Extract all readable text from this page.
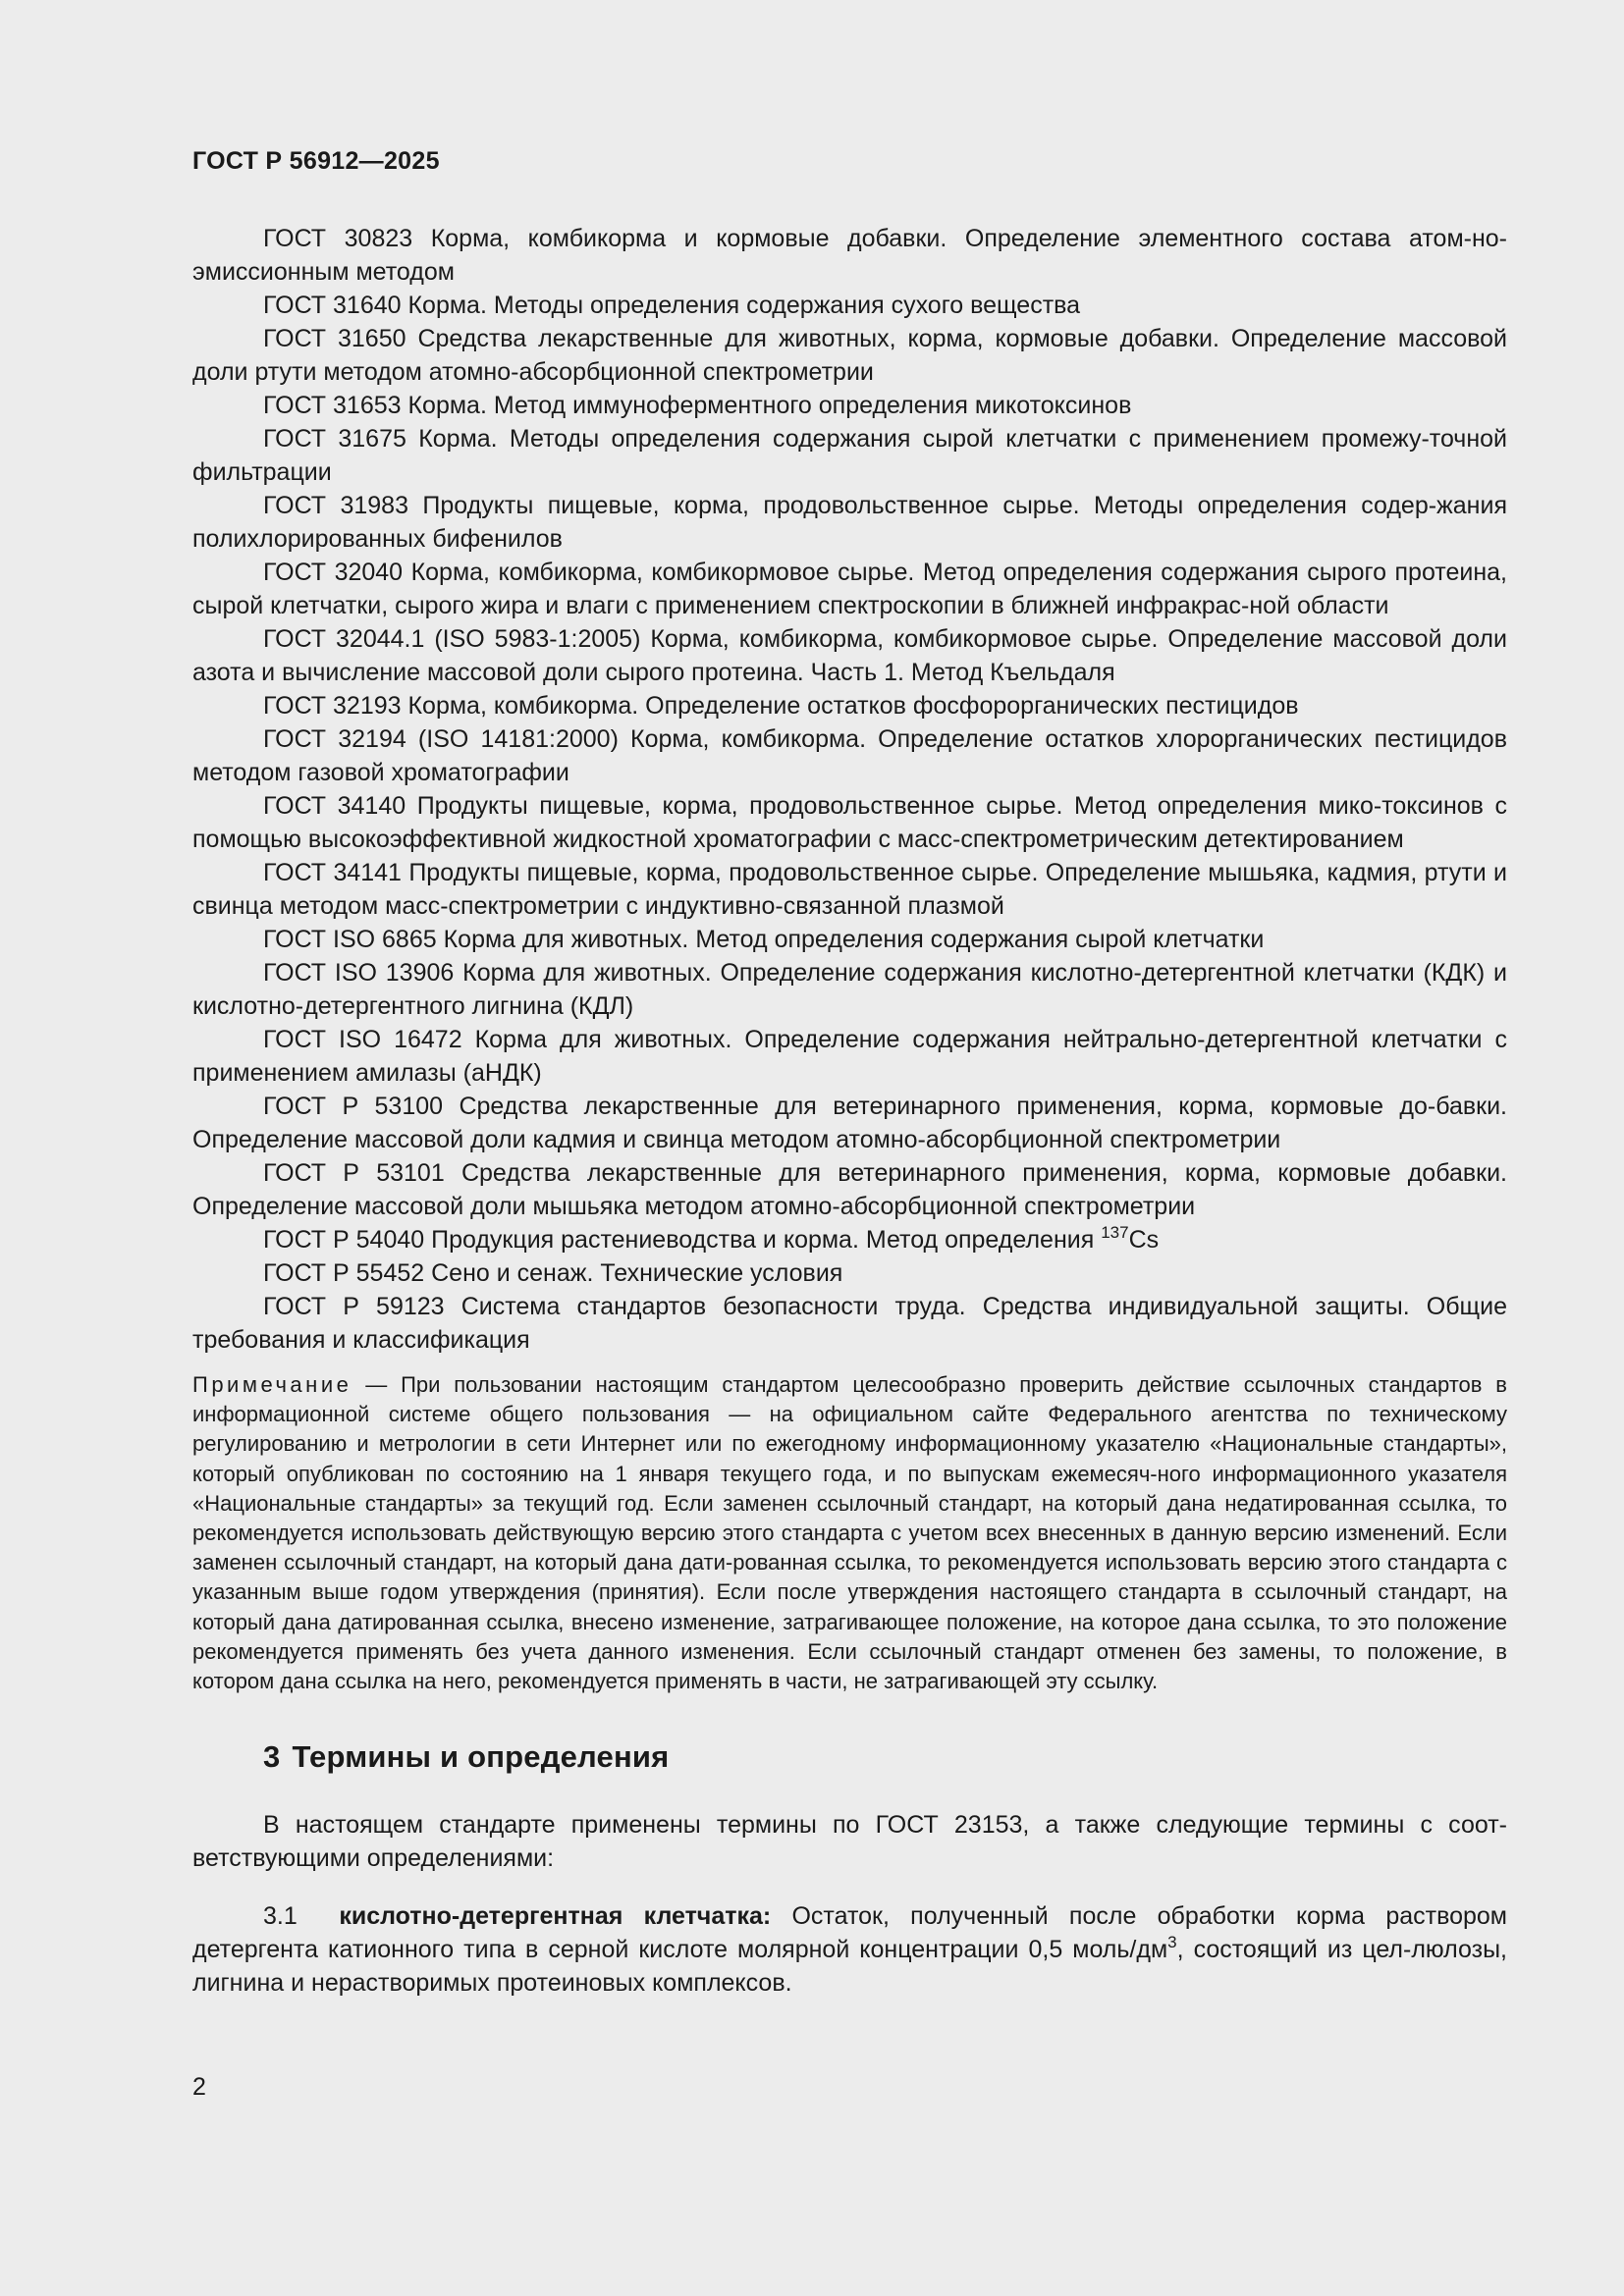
ГОСТ Р 56912—2025

ГОСТ 30823 Корма, комбикорма и кормовые добавки. Определение элементного состава атом-но-эмиссионным методом

ГОСТ 31640 Корма. Методы определения содержания сухого вещества

ГОСТ 31650 Средства лекарственные для животных, корма, кормовые добавки. Определение массовой доли ртути методом атомно-абсорбционной спектрометрии

ГОСТ 31653 Корма. Метод иммуноферментного определения микотоксинов

ГОСТ 31675 Корма. Методы определения содержания сырой клетчатки с применением промежу-точной фильтрации

ГОСТ 31983 Продукты пищевые, корма, продовольственное сырье. Методы определения содер-жания полихлорированных бифенилов

ГОСТ 32040 Корма, комбикорма, комбикормовое сырье. Метод определения содержания сырого протеина, сырой клетчатки, сырого жира и влаги с применением спектроскопии в ближней инфракрас-ной области

ГОСТ 32044.1 (ISO 5983-1:2005) Корма, комбикорма, комбикормовое сырье. Определение массовой доли азота и вычисление массовой доли сырого протеина. Часть 1. Метод Къельдаля

ГОСТ 32193 Корма, комбикорма. Определение остатков фосфорорганических пестицидов

ГОСТ 32194 (ISO 14181:2000) Корма, комбикорма. Определение остатков хлорорганических пестицидов методом газовой хроматографии

ГОСТ 34140 Продукты пищевые, корма, продовольственное сырье. Метод определения мико-токсинов с помощью высокоэффективной жидкостной хроматографии с масс-спектрометрическим детектированием

ГОСТ 34141 Продукты пищевые, корма, продовольственное сырье. Определение мышьяка, кадмия, ртути и свинца методом масс-спектрометрии с индуктивно-связанной плазмой

ГОСТ ISO 6865 Корма для животных. Метод определения содержания сырой клетчатки

ГОСТ ISO 13906 Корма для животных. Определение содержания кислотно-детергентной клетчатки (КДК) и кислотно-детергентного лигнина (КДЛ)

ГОСТ ISO 16472 Корма для животных. Определение содержания нейтрально-детергентной клетчатки с применением амилазы (аНДК)

ГОСТ Р 53100 Средства лекарственные для ветеринарного применения, корма, кормовые до-бавки. Определение массовой доли кадмия и свинца методом атомно-абсорбционной спектрометрии

ГОСТ Р 53101 Средства лекарственные для ветеринарного применения, корма, кормовые добавки. Определение массовой доли мышьяка методом атомно-абсорбционной спектрометрии

ГОСТ Р 54040 Продукция растениеводства и корма. Метод определения $^{137}$Cs

ГОСТ Р 55452 Сено и сенаж. Технические условия

ГОСТ Р 59123 Система стандартов безопасности труда. Средства индивидуальной защиты. Общие требования и классификация

Примечание — При пользовании настоящим стандартом целесообразно проверить действие ссылочных стандартов в информационной системе общего пользования — на официальном сайте Федерального агентства по техническому регулированию и метрологии в сети Интернет или по ежегодному информационному указателю «Национальные стандарты», который опубликован по состоянию на 1 января текущего года, и по выпускам ежемесяч-ного информационного указателя «Национальные стандарты» за текущий год. Если заменен ссылочный стандарт, на который дана недатированная ссылка, то рекомендуется использовать действующую версию этого стандарта с учетом всех внесенных в данную версию изменений. Если заменен ссылочный стандарт, на который дана дати-рованная ссылка, то рекомендуется использовать версию этого стандарта с указанным выше годом утверждения (принятия). Если после утверждения настоящего стандарта в ссылочный стандарт, на который дана датированная ссылка, внесено изменение, затрагивающее положение, на которое дана ссылка, то это положение рекомендуется применять без учета данного изменения. Если ссылочный стандарт отменен без замены, то положение, в котором дана ссылка на него, рекомендуется применять в части, не затрагивающей эту ссылку.

3 Термины и определения

В настоящем стандарте применены термины по ГОСТ 23153, а также следующие термины с соот-ветствующими определениями:

3.1 кислотно-детергентная клетчатка: Остаток, полученный после обработки корма раствором детергента катионного типа в серной кислоте молярной концентрации 0,5 моль/$дм^3$, состоящий из цел-люлозы, лигнина и нерастворимых протеиновых комплексов.

2
